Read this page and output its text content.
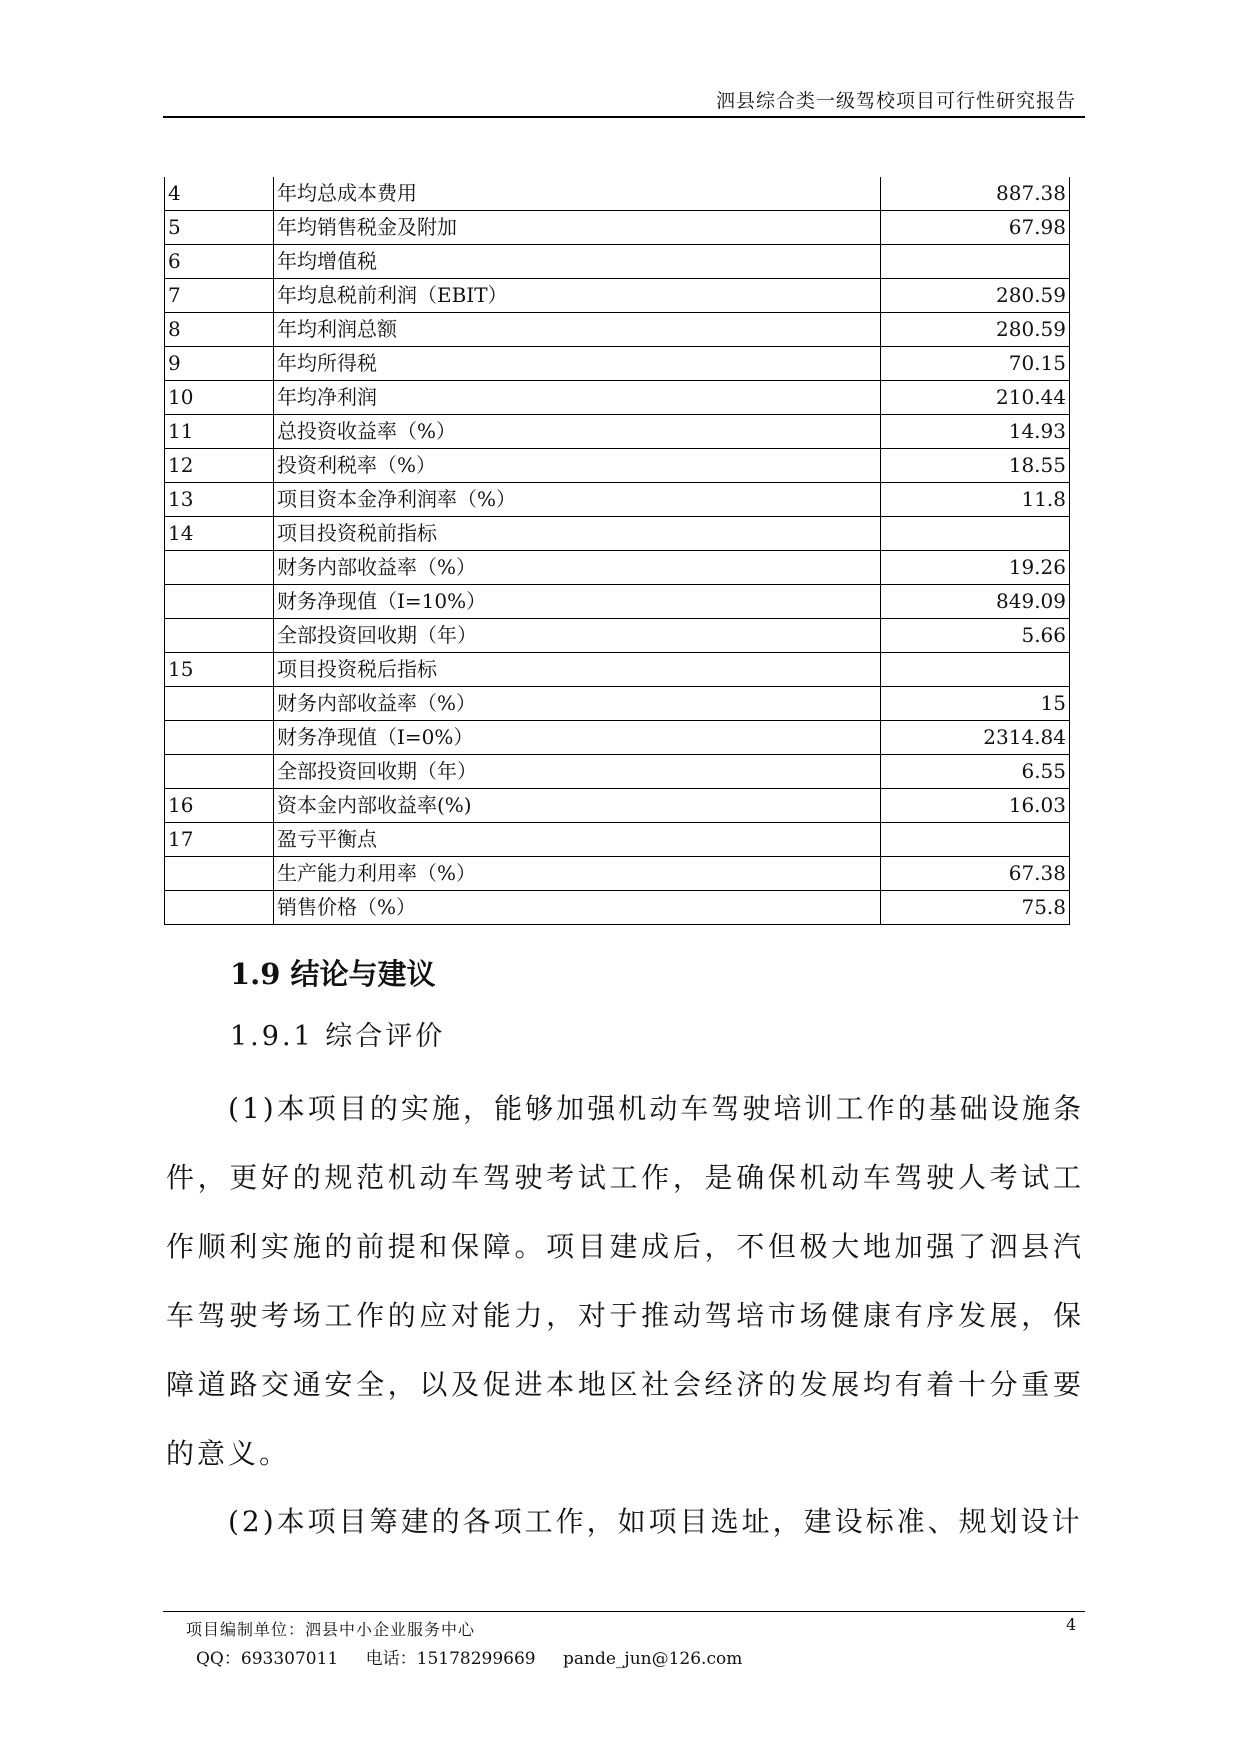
泗县综合类一级驾校项目可行性研究报告
4	年均总成本费用	887.38
5	年均销售税金及附加	67.98
6	年均增值税	
7	年均息税前利润（EBIT）	280.59
8	年均利润总额	280.59
9	年均所得税	70.15
10	年均净利润	210.44
11	总投资收益率（%）	14.93
12	投资利税率（%）	18.55
13	项目资本金净利润率（%）	11.8
14	项目投资税前指标	
	财务内部收益率（%）	19.26
	财务净现值（I=10%）	849.09
	全部投资回收期（年）	5.66
15	项目投资税后指标	
	财务内部收益率（%）	15
	财务净现值（I=0%）	2314.84
	全部投资回收期（年）	6.55
16	资本金内部收益率(%)	16.03
17	盈亏平衡点	
	生产能力利用率（%）	67.38
	销售价格（%）	75.8
1.9 结论与建议
1.9.1 综合评价

(1)本项目的实施，能够加强机动车驾驶培训工作的基础设施条件，更好的规范机动车驾驶考试工作，是确保机动车驾驶人考试工作顺利实施的前提和保障。项目建成后，不但极大地加强了泗县汽车驾驶考场工作的应对能力，对于推动驾培市场健康有序发展，保障道路交通安全，以及促进本地区社会经济的发展均有着十分重要的意义。

(2)本项目筹建的各项工作，如项目选址，建设标准、规划设计

项目编制单位：泗县中小企业服务中心
QQ：693307011 电话：15178299669 pande_jun@126.com
4
